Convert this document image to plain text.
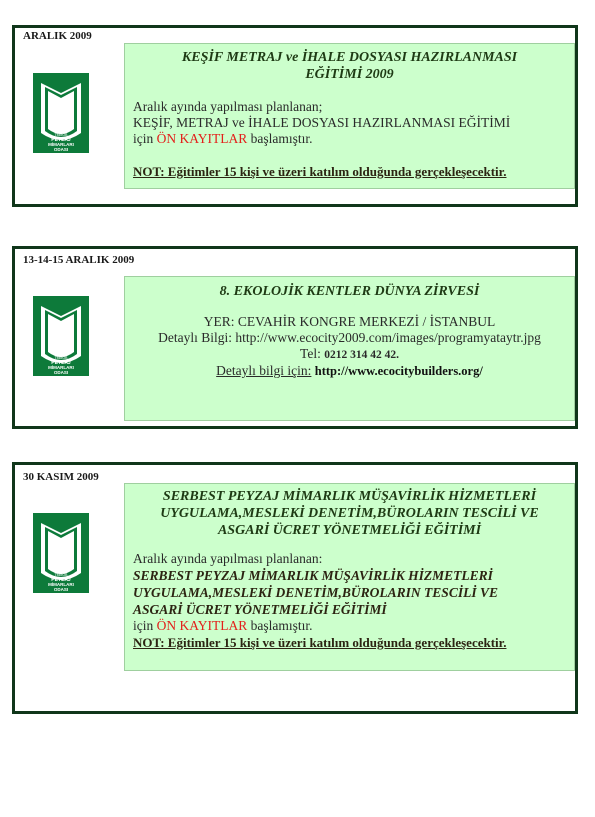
ARALIK 2009
TMMOB
PEYZAJ
MİMARLARI
ODASI

KEŞİF METRAJ ve İHALE DOSYASI HAZIRLANMASI

EĞİTİMİ 2009

Aralık ayında yapılması planlanan;
KEŞİF, METRAJ ve İHALE DOSYASI HAZIRLANMASI EĞİTİMİ
için ÖN KAYITLAR başlamıştır.
NOT: Eğitimler 15 kişi ve üzeri katılım olduğunda gerçekleşecektir.
13-14-15 ARALIK 2009
TMMOB
PEYZAJ
MİMARLARI
ODASI

8. EKOLOJİK KENTLER DÜNYA ZİRVESİ

YER: CEVAHİR KONGRE MERKEZİ / İSTANBUL
Detaylı Bilgi: http://www.ecocity2009.com/images/programyataytr.jpg
Tel: 0212 314 42 42.
Detaylı bilgi için: http://www.ecocitybuilders.org/
30 KASIM 2009
TMMOB
PEYZAJ
MİMARLARI
ODASI

SERBEST PEYZAJ MİMARLIK MÜŞAVİRLİK HİZMETLERİ

UYGULAMA,MESLEKİ DENETİM,BÜROLARIN TESCİLİ VE

ASGARİ ÜCRET YÖNETMELİĞİ EĞİTİMİ

Aralık ayında yapılması planlanan:
SERBEST PEYZAJ MİMARLIK MÜŞAVİRLİK HİZMETLERİ
UYGULAMA,MESLEKİ DENETİM,BÜROLARIN TESCİLİ VE
ASGARİ ÜCRET YÖNETMELİĞİ EĞİTİMİ
için ÖN KAYITLAR başlamıştır.
NOT: Eğitimler 15 kişi ve üzeri katılım olduğunda gerçekleşecektir.
